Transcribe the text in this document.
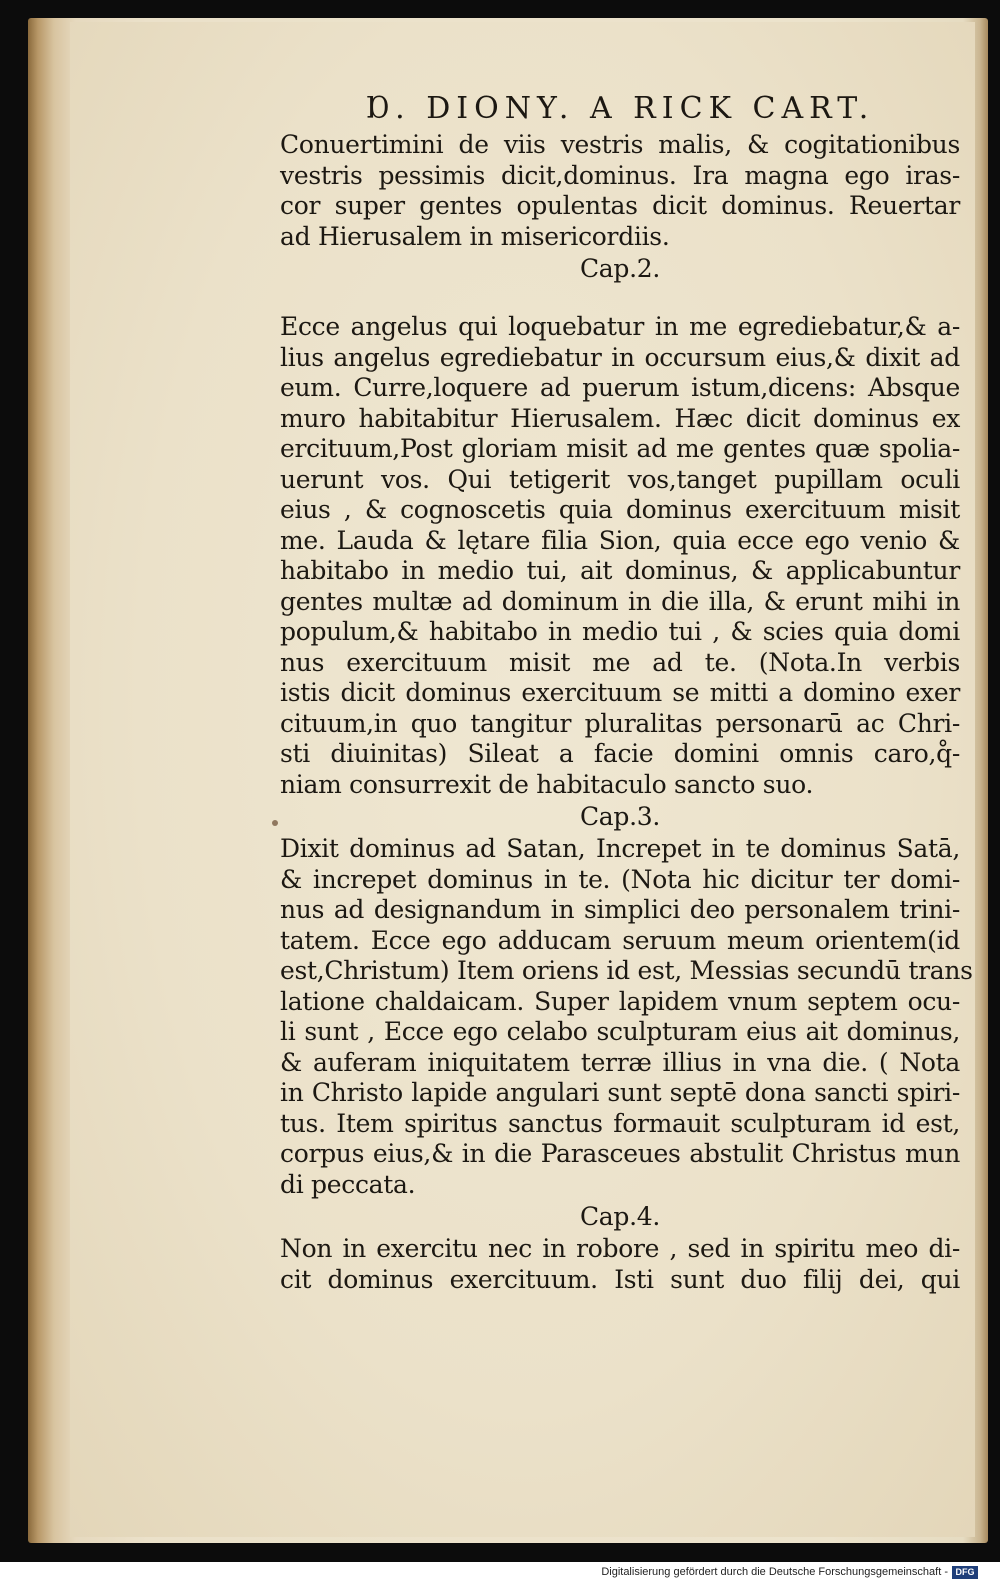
Ɒ. DIONY. A RICK CART.
Conuertimini de viis vestris malis, & cogitationibus
vestris pessimis dicit,dominus. Ira magna ego iras-
cor super gentes opulentas dicit dominus. Reuertar
ad Hierusalem in misericordiis.
Cap.2.
Ecce angelus qui loquebatur in me egrediebatur,& a-
lius angelus egrediebatur in occursum eius,& dixit ad
eum. Curre,loquere ad puerum istum,dicens: Absque
muro habitabitur Hierusalem. Hæc dicit dominus ex
ercituum,Post gloriam misit ad me gentes quæ spolia-
uerunt vos. Qui tetigerit vos,tanget pupillam oculi
eius , & cognoscetis quia dominus exercituum misit
me. Lauda & lętare filia Sion, quia ecce ego venio &
habitabo in medio tui, ait dominus, & applicabuntur
gentes multæ ad dominum in die illa, & erunt mihi in
populum,& habitabo in medio tui , & scies quia domi
nus exercituum misit me ad te. (Nota.In verbis
istis dicit dominus exercituum se mitti a domino exer
cituum,in quo tangitur pluralitas personarū ac Chri-
sti diuinitas) Sileat a facie domini omnis caro,q̊-
niam consurrexit de habitaculo sancto suo.
Cap.3.
Dixit dominus ad Satan, Increpet in te dominus Satā,
& increpet dominus in te. (Nota hic dicitur ter domi-
nus ad designandum in simplici deo personalem trini-
tatem. Ecce ego adducam seruum meum orientem(id
est,Christum) Item oriens id est, Messias secundū trans
latione chaldaicam. Super lapidem vnum septem ocu-
li sunt , Ecce ego celabo sculpturam eius ait dominus,
& auferam iniquitatem terræ illius in vna die. ( Nota
in Christo lapide angulari sunt septē dona sancti spiri-
tus. Item spiritus sanctus formauit sculpturam id est,
corpus eius,& in die Parasceues abstulit Christus mun
di peccata.
Cap.4.
Non in exercitu nec in robore , sed in spiritu meo di-
cit dominus exercituum. Isti sunt duo filij dei, qui
Digitalisierung gefördert durch die Deutsche Forschungsgemeinschaft - DFG
